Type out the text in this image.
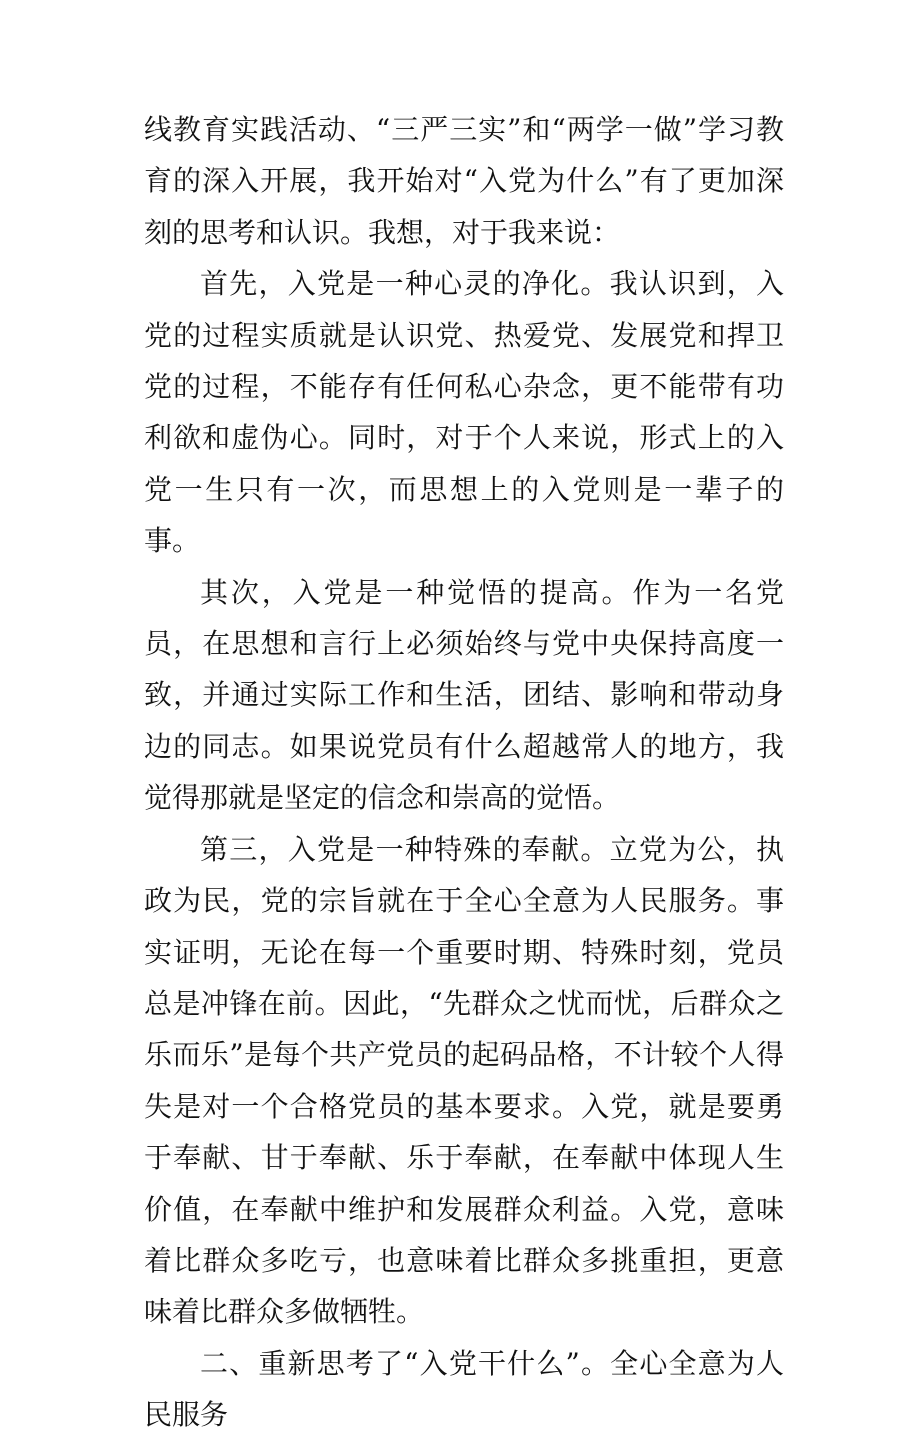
线教育实践活动、“三严三实”和“两学一做”学习教育的深入开展，我开始对“入党为什么”有了更加深刻的思考和认识。我想，对于我来说：

首先，入党是一种心灵的净化。我认识到，入党的过程实质就是认识党、热爱党、发展党和捍卫党的过程，不能存有任何私心杂念，更不能带有功利欲和虚伪心。同时，对于个人来说，形式上的入党一生只有一次，而思想上的入党则是一辈子的事。

其次，入党是一种觉悟的提高。作为一名党员，在思想和言行上必须始终与党中央保持高度一致，并通过实际工作和生活，团结、影响和带动身边的同志。如果说党员有什么超越常人的地方，我觉得那就是坚定的信念和崇高的觉悟。

第三，入党是一种特殊的奉献。立党为公，执政为民，党的宗旨就在于全心全意为人民服务。事实证明，无论在每一个重要时期、特殊时刻，党员总是冲锋在前。因此，“先群众之忧而忧，后群众之乐而乐”是每个共产党员的起码品格，不计较个人得失是对一个合格党员的基本要求。入党，就是要勇于奉献、甘于奉献、乐于奉献，在奉献中体现人生价值，在奉献中维护和发展群众利益。入党，意味着比群众多吃亏，也意味着比群众多挑重担，更意味着比群众多做牺牲。

二、重新思考了“入党干什么”。全心全意为人民服务
